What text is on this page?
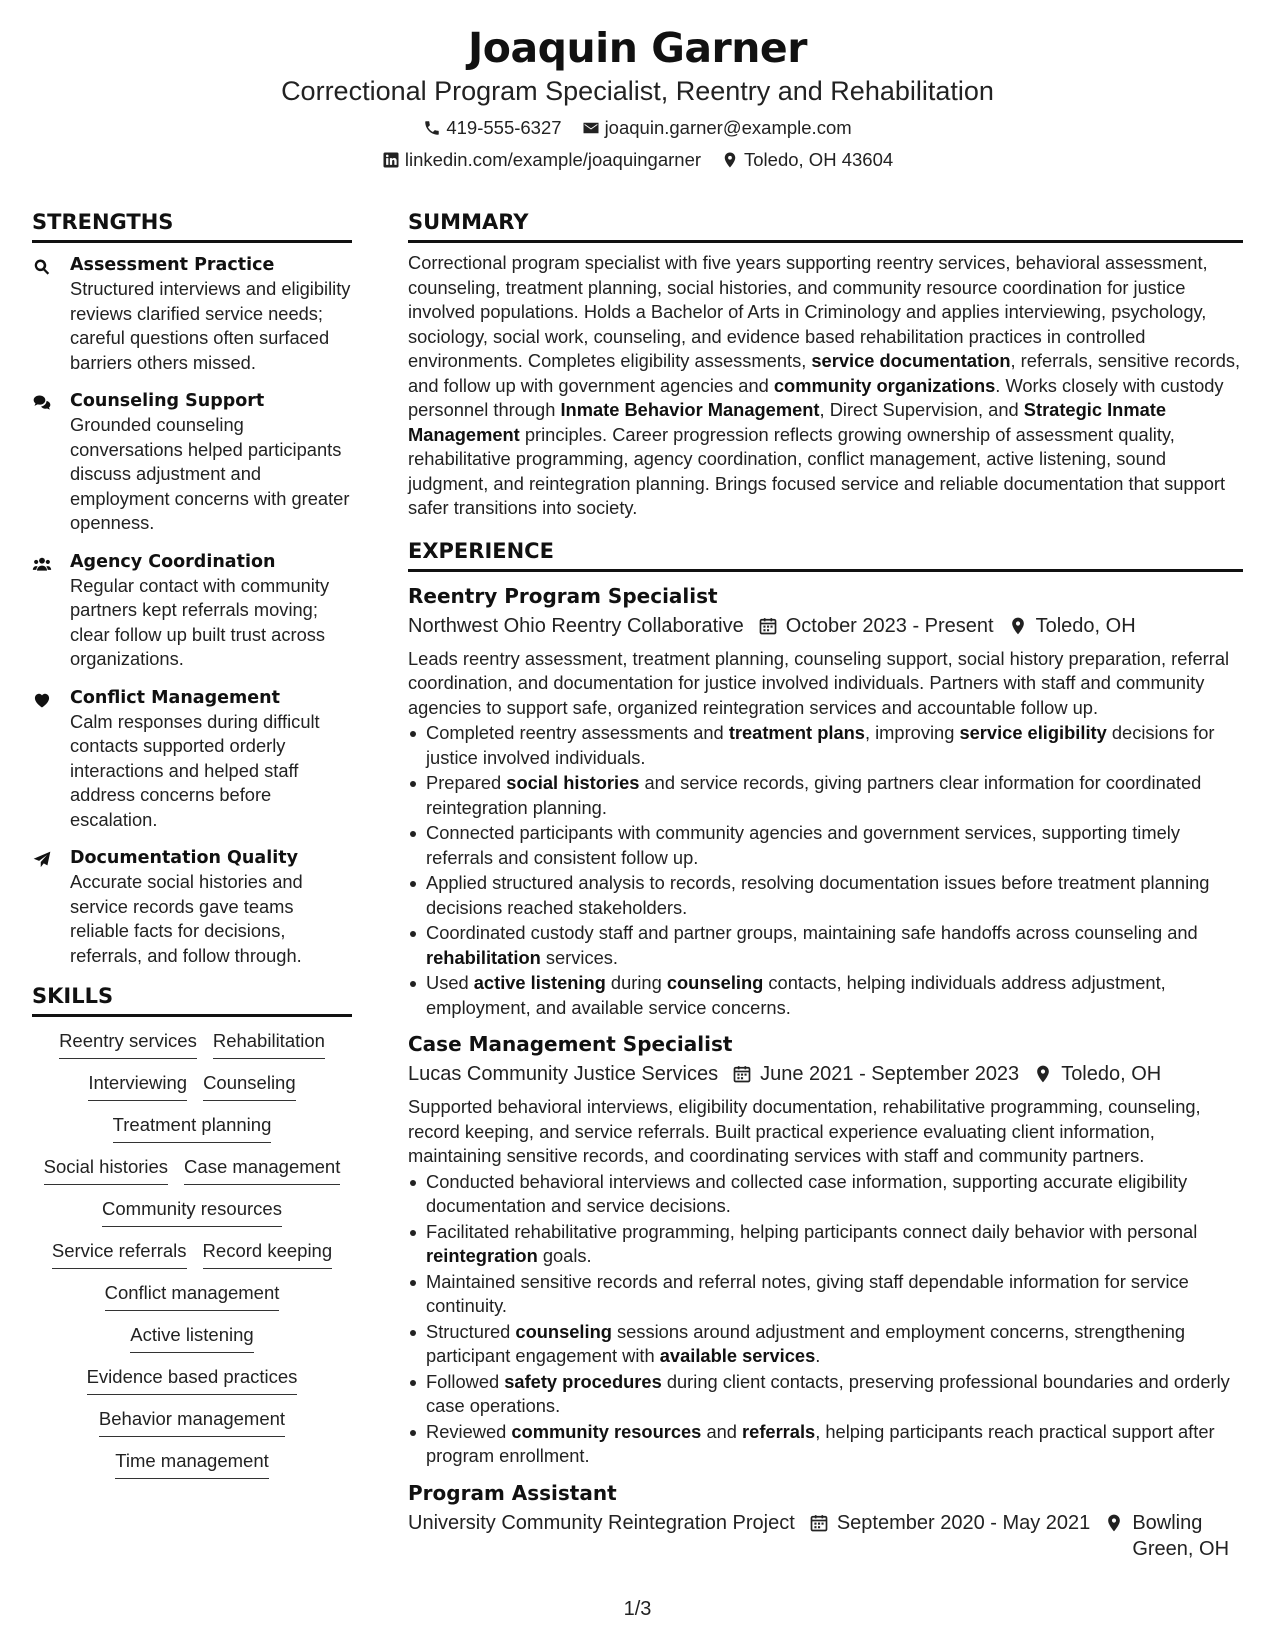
Joaquin Garner
Correctional Program Specialist, Reentry and Rehabilitation
419-555-6327 joaquin.garner@example.com
linkedin.com/example/joaquingarner Toledo, OH 43604
STRENGTHS
Assessment Practice
Structured interviews and eligibility reviews clarified service needs; careful questions often surfaced barriers others missed.
Counseling Support
Grounded counseling conversations helped participants discuss adjustment and employment concerns with greater openness.
Agency Coordination
Regular contact with community partners kept referrals moving; clear follow up built trust across organizations.
Conflict Management
Calm responses during difficult contacts supported orderly interactions and helped staff address concerns before escalation.
Documentation Quality
Accurate social histories and service records gave teams reliable facts for decisions, referrals, and follow through.
SKILLS
Reentry services Rehabilitation
Interviewing Counseling
Treatment planning
Social histories Case management
Community resources
Service referrals Record keeping
Conflict management
Active listening
Evidence based practices
Behavior management
Time management
SUMMARY
Correctional program specialist with five years supporting reentry services, behavioral assessment, counseling, treatment planning, social histories, and community resource coordination for justice involved populations. Holds a Bachelor of Arts in Criminology and applies interviewing, psychology, sociology, social work, counseling, and evidence based rehabilitation practices in controlled environments. Completes eligibility assessments, service documentation, referrals, sensitive records, and follow up with government agencies and community organizations. Works closely with custody personnel through Inmate Behavior Management, Direct Supervision, and Strategic Inmate Management principles. Career progression reflects growing ownership of assessment quality, rehabilitative programming, agency coordination, conflict management, active listening, sound judgment, and reintegration planning. Brings focused service and reliable documentation that support safer transitions into society.
EXPERIENCE
Reentry Program Specialist
Northwest Ohio Reentry Collaborative October 2023 - Present Toledo, OH
Leads reentry assessment, treatment planning, counseling support, social history preparation, referral coordination, and documentation for justice involved individuals. Partners with staff and community agencies to support safe, organized reintegration services and accountable follow up.
Completed reentry assessments and treatment plans, improving service eligibility decisions for justice involved individuals.
Prepared social histories and service records, giving partners clear information for coordinated reintegration planning.
Connected participants with community agencies and government services, supporting timely referrals and consistent follow up.
Applied structured analysis to records, resolving documentation issues before treatment planning decisions reached stakeholders.
Coordinated custody staff and partner groups, maintaining safe handoffs across counseling and rehabilitation services.
Used active listening during counseling contacts, helping individuals address adjustment, employment, and available service concerns.
Case Management Specialist
Lucas Community Justice Services June 2021 - September 2023 Toledo, OH
Supported behavioral interviews, eligibility documentation, rehabilitative programming, counseling, record keeping, and service referrals. Built practical experience evaluating client information, maintaining sensitive records, and coordinating services with staff and community partners.
Conducted behavioral interviews and collected case information, supporting accurate eligibility documentation and service decisions.
Facilitated rehabilitative programming, helping participants connect daily behavior with personal reintegration goals.
Maintained sensitive records and referral notes, giving staff dependable information for service continuity.
Structured counseling sessions around adjustment and employment concerns, strengthening participant engagement with available services.
Followed safety procedures during client contacts, preserving professional boundaries and orderly case operations.
Reviewed community resources and referrals, helping participants reach practical support after program enrollment.
Program Assistant
University Community Reintegration Project September 2020 - May 2021 Bowling Green, OH
1/3
